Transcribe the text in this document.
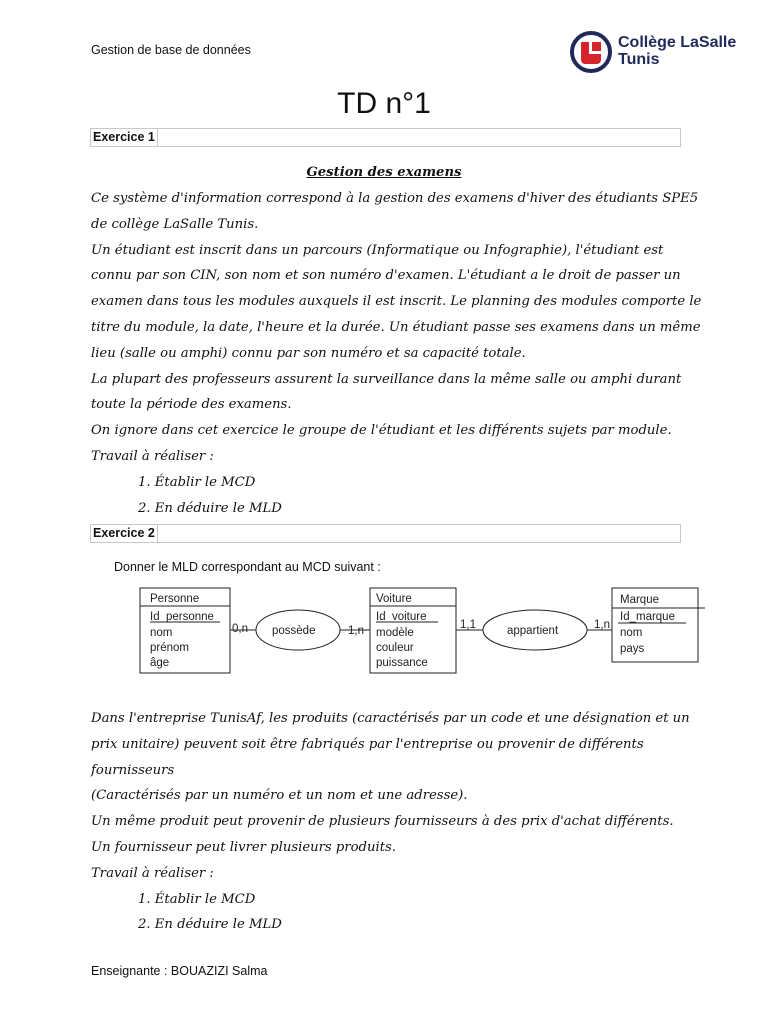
Gestion de base de données	Collège LaSalle
Tunis
TD n°1
Exercice 1
Gestion des examens

Ce système d'information correspond à la gestion des examens d'hiver des étudiants SPE5

de collège LaSalle Tunis.

Un étudiant est inscrit dans un parcours (Informatique ou Infographie), l'étudiant est

connu par son CIN, son nom et son numéro d'examen. L'étudiant a le droit de passer un

examen dans tous les modules auxquels il est inscrit. Le planning des modules comporte le

titre du module, la date, l'heure et la durée. Un étudiant passe ses examens dans un même

lieu (salle ou amphi) connu par son numéro et sa capacité totale.

La plupart des professeurs assurent la surveillance dans la même salle ou amphi durant

toute la période des examens.

On ignore dans cet exercice le groupe de l'étudiant et les différents sujets par module.

Travail à réaliser :

1. Établir le MCD

2. En déduire le MLD

Exercice 2
Donner le MLD correspondant au MCD suivant :
Personne
Id_personne
nom
prénom
âge
Voiture
Id_voiture
modèle
couleur
puissance
Marque
Id_marque
nom
pays
possède
0,n	1,n	appartient
1,1	1,n

Dans l'entreprise TunisAf, les produits (caractérisés par un code et une désignation et un

prix unitaire) peuvent soit être fabriqués par l'entreprise ou provenir de différents

fournisseurs

(Caractérisés par un numéro et un nom et une adresse).

Un même produit peut provenir de plusieurs fournisseurs à des prix d'achat différents.

Un fournisseur peut livrer plusieurs produits.

Travail à réaliser :

1. Établir le MCD

2. En déduire le MLD

Enseignante : BOUAZIZI Salma
